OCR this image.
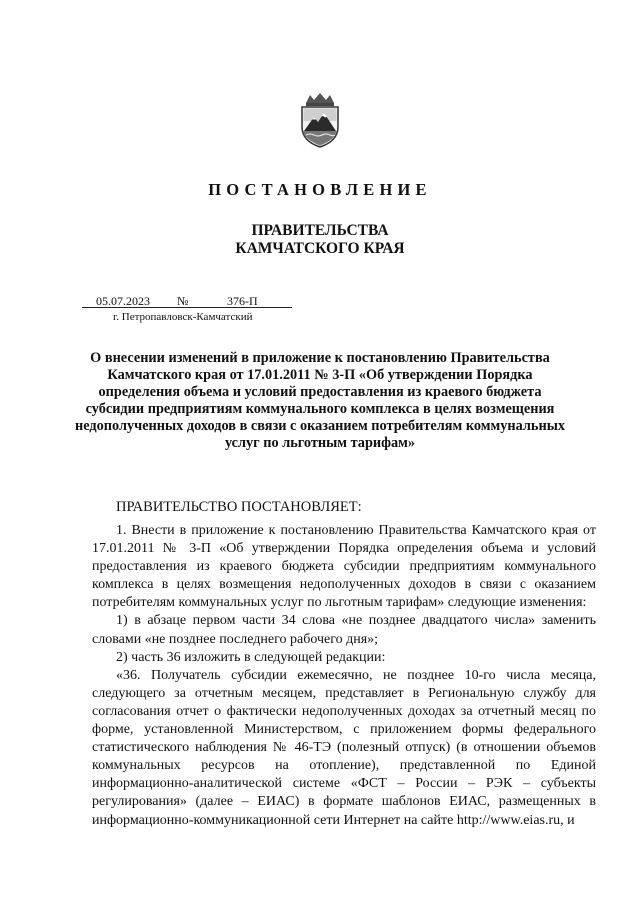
ПОСТАНОВЛЕНИЕ
ПРАВИТЕЛЬСТВА
КАМЧАТСКОГО КРАЯ
05.07.2023 №	376-П
г. Петропавловск-Камчатский
О внесении изменений в приложение к постановлению Правительства Камчатского края от 17.01.2011 № 3-П «Об утверждении Порядка определения объема и условий предоставления из краевого бюджета субсидии предприятиям коммунального комплекса в целях возмещения недополученных доходов в связи с оказанием потребителям коммунальных услуг по льготным тарифам»
ПРАВИТЕЛЬСТВО ПОСТАНОВЛЯЕТ:

1. Внести в приложение к постановлению Правительства Камчатского края от 17.01.2011 № 3-П «Об утверждении Порядка определения объема и условий предоставления из краевого бюджета субсидии предприятиям коммунального комплекса в целях возмещения недополученных доходов в связи с оказанием потребителям коммунальных услуг по льготным тарифам» следующие изменения:

1) в абзаце первом части 34 слова «не позднее двадцатого числа» заменить словами «не позднее последнего рабочего дня»;

2) часть 36 изложить в следующей редакции:

«36. Получатель субсидии ежемесячно, не позднее 10-го числа месяца, следующего за отчетным месяцем, представляет в Региональную службу для согласования отчет о фактически недополученных доходах за отчетный месяц по форме, установленной Министерством, с приложением формы федерального статистического наблюдения № 46-ТЭ (полезный отпуск) (в отношении объемов коммунальных ресурсов на отопление), представленной по Единой информационно-аналитической системе «ФСТ – России – РЭК – субъекты регулирования» (далее – ЕИАС) в формате шаблонов ЕИАС, размещенных в информационно-коммуникационной сети Интернет на сайте http://www.eias.ru, и
